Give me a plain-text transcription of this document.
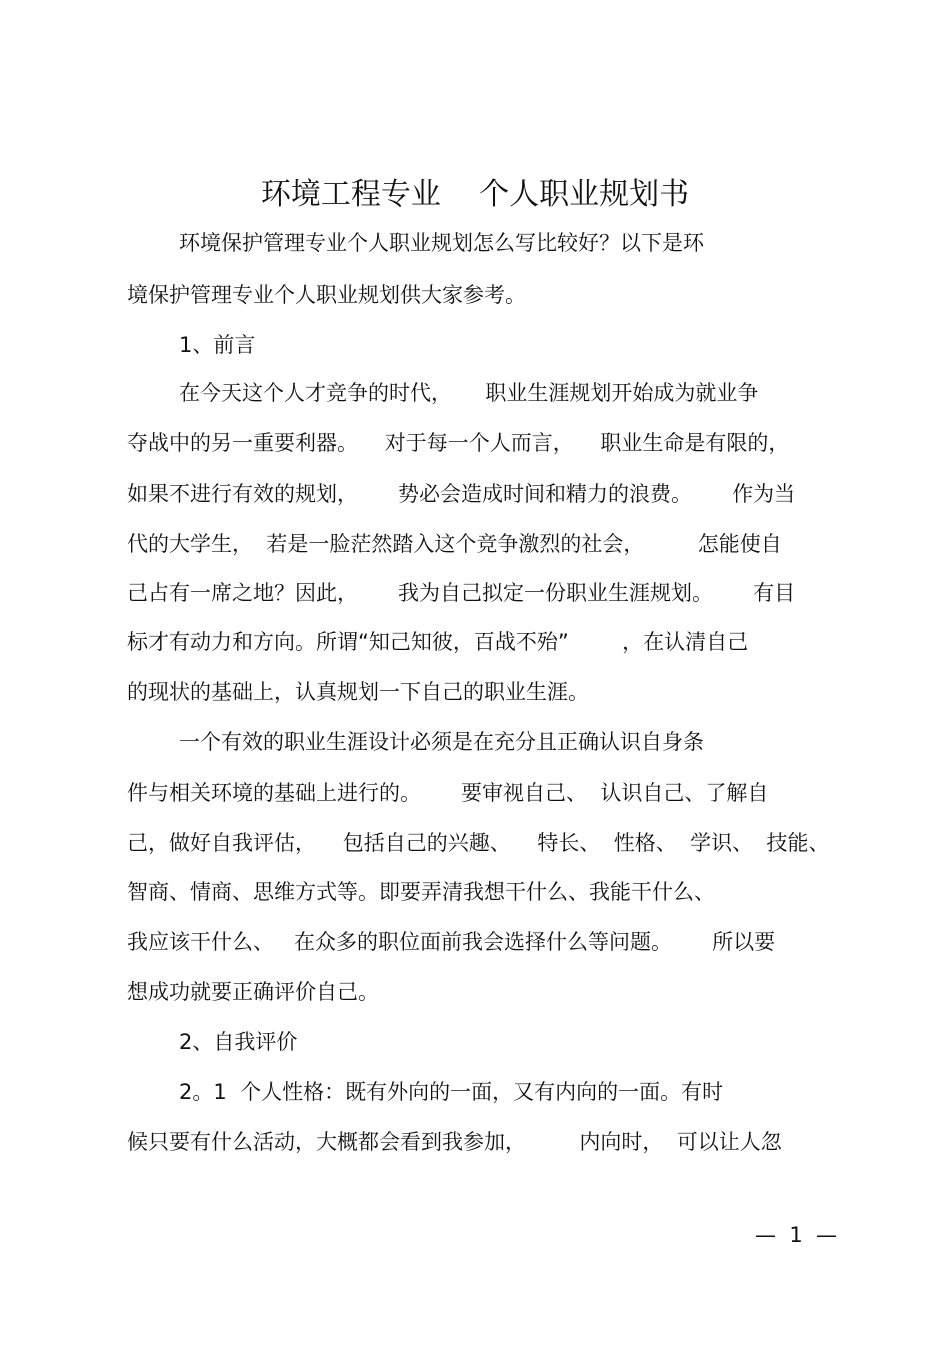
环境工程专业    个人职业规划书
环境保护管理专业个人职业规划怎么写比较好？以下是环
境保护管理专业个人职业规划供大家参考。
1、前言
在今天这个人才竞争的时代，     职业生涯规划开始成为就业争
夺战中的另一重要利器。    对于每一个人而言，    职业生命是有限的，
如果不进行有效的规划，      势必会造成时间和精力的浪费。      作为当
代的大学生，  若是一脸茫然踏入这个竞争激烈的社会，        怎能使自
己占有一席之地？因此，      我为自己拟定一份职业生涯规划。      有目
标才有动力和方向。所谓“知己知彼，百战不殆”        ，在认清自己
的现状的基础上，认真规划一下自己的职业生涯。
一个有效的职业生涯设计必须是在充分且正确认识自身条
件与相关环境的基础上进行的。      要审视自己、  认识自己、了解自
己，做好自我评估，    包括自己的兴趣、    特长、  性格、  学识、  技能、
智商、情商、思维方式等。即要弄清我想干什么、我能干什么、
我应该干什么、   在众多的职位面前我会选择什么等问题。      所以要
想成功就要正确评价自己。
2、自我评价
2。1  个人性格：既有外向的一面，又有内向的一面。有时
候只要有什么活动，大概都会看到我参加，        内向时，  可以让人忽
—  1  —
